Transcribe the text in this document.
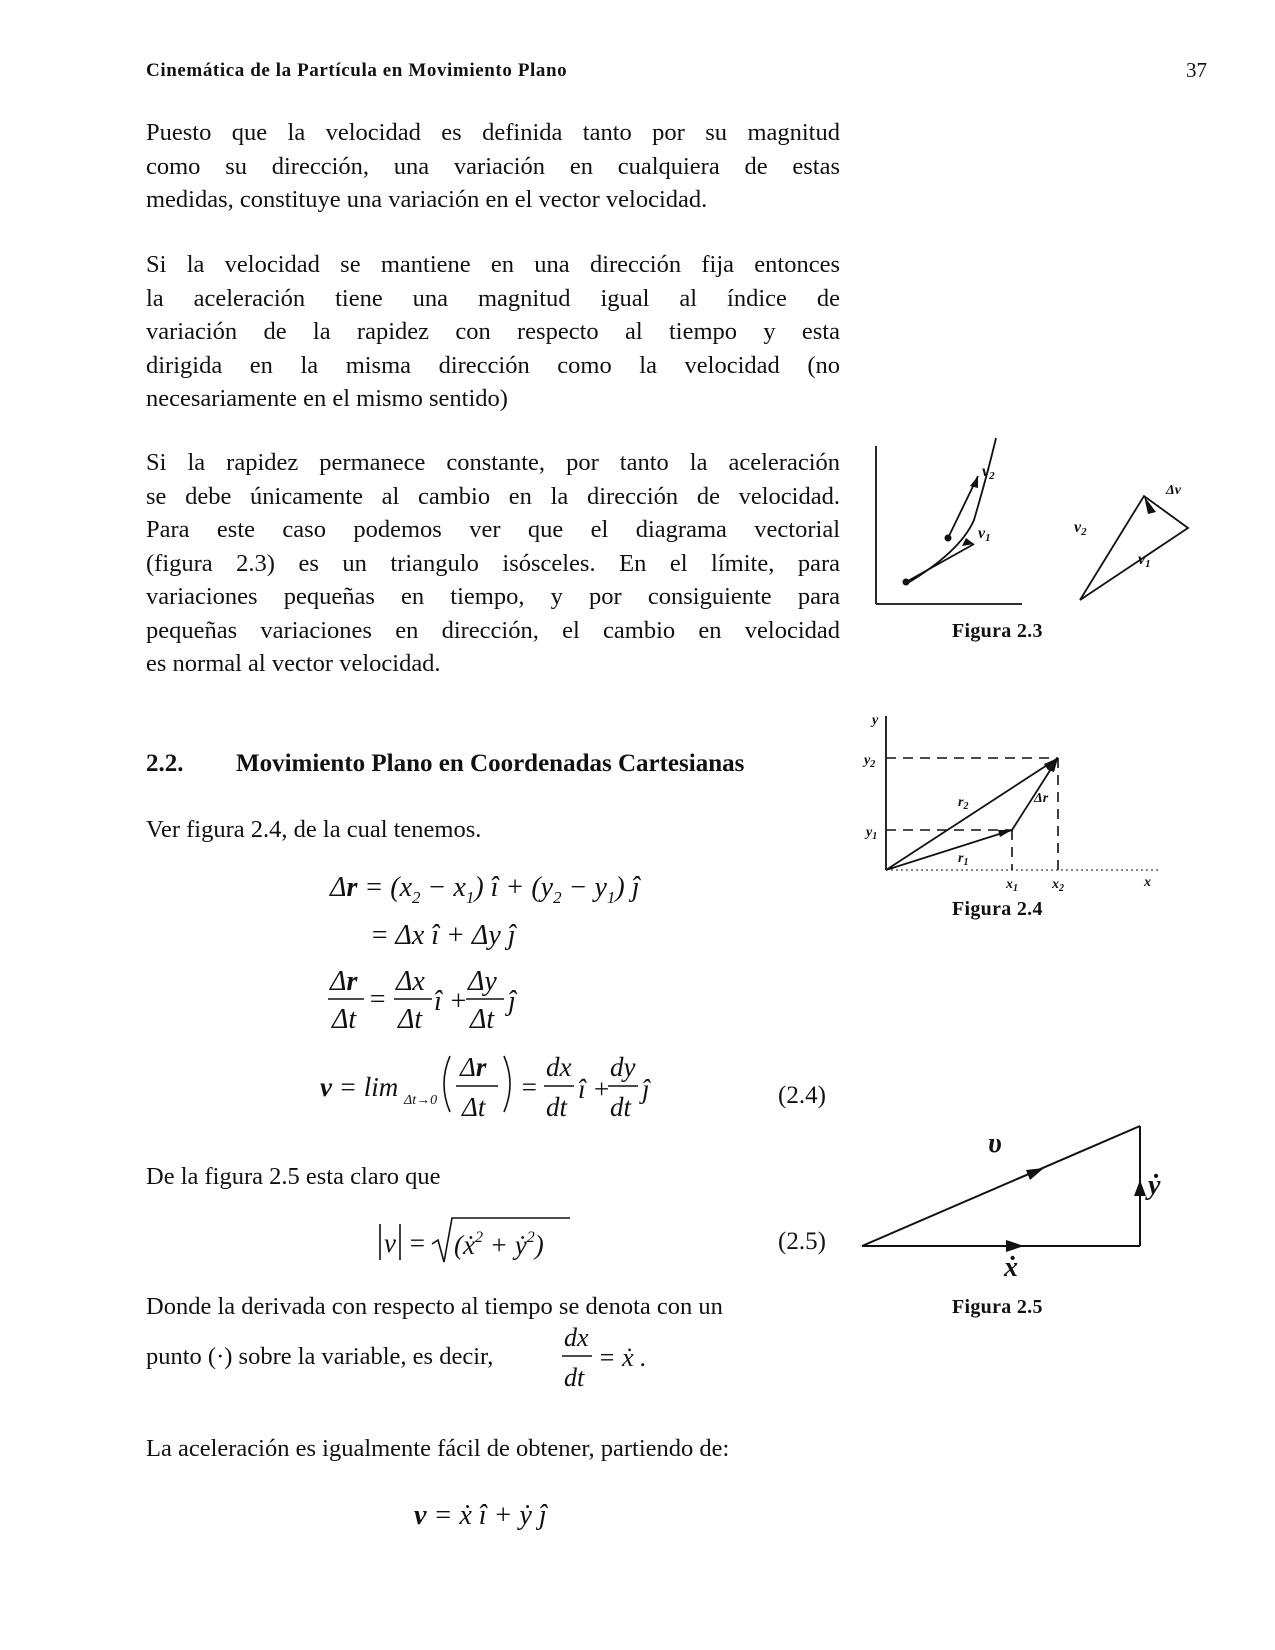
Cinemática de la Partícula en Movimiento Plano	37
Puesto que la velocidad es definida tanto por su magnitud
como su dirección, una variación en cualquiera de estas
medidas, constituye una variación en el vector velocidad.
Si la velocidad se mantiene en una dirección fija entonces
la aceleración tiene una magnitud igual al índice de
variación de la rapidez con respecto al tiempo y esta
dirigida en la misma dirección como la velocidad (no
necesariamente en el mismo sentido)
Si la rapidez permanece constante, por tanto la aceleración
se debe únicamente al cambio en la dirección de velocidad.
Para este caso podemos ver que el diagrama vectorial
(figura 2.3) es un triangulo isósceles. En el límite, para
variaciones pequeñas en tiempo, y por consiguiente para
pequeñas variaciones en dirección, el cambio en velocidad
es normal al vector velocidad.
2.2. Movimiento Plano en Coordenadas Cartesianas
Ver figura 2.4, de la cual tenemos.
$\Delta r = (x_2 - x_1)$ î + $(y_2 - y_1)$ ĵ
= Δx î + Δy ĵ
Δr
Δt
=
Δx
Δt
î +
Δy
Δt
ĵ
v = lim Δt→0
Δr
Δt
=
dx
dt
î +
dy
dt
ĵ	(2.4)
De la figura 2.5 esta claro que
v = (ẋ$^2$ + ẏ$^2$)	(2.5)
Donde la derivada con respecto al tiempo se denota con un
punto (·) sobre la variable, es decir,
dx
dt
= ẋ .
La aceleración es igualmente fácil de obtener, partiendo de:
v = ẋ î + ẏ ĵ
v2
v1
v2
v1
Δv
Figura 2.3
y
$y_2$
$y_1$
$r_2$
$r_1$
Δr
$x_1$ $x_2$	x
Figura 2.4
υ
ẏ
ẋ
Figura 2.5
